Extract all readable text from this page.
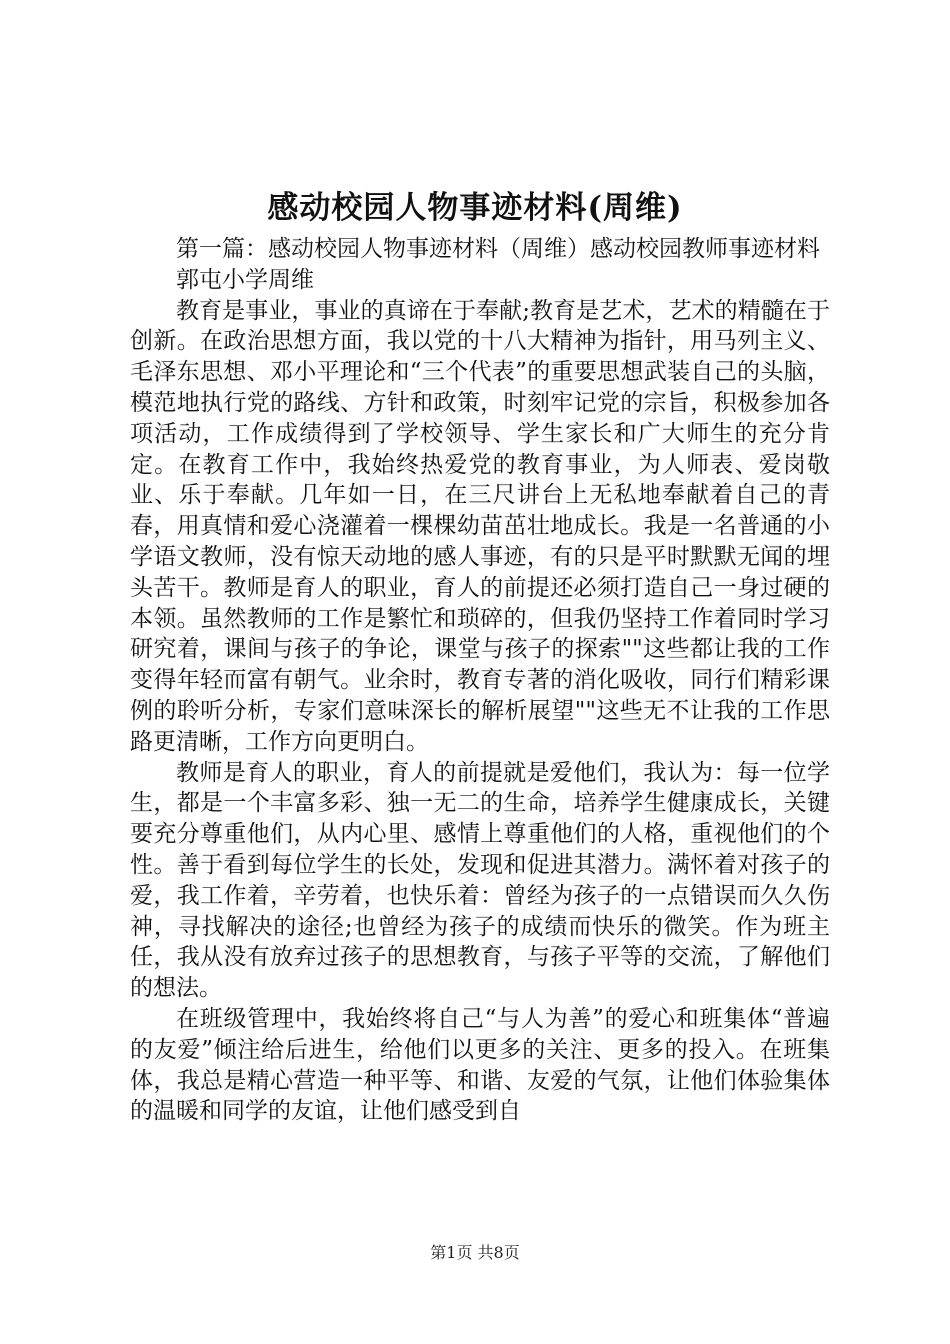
感动校园人物事迹材料(周维)

第一篇：感动校园人物事迹材料（周维）感动校园教师事迹材料

郭屯小学周维

教育是事业，事业的真谛在于奉献;教育是艺术，艺术的精髓在于创新。在政治思想方面，我以党的十八大精神为指针，用马列主义、毛泽东思想、邓小平理论和“三个代表”的重要思想武装自己的头脑，模范地执行党的路线、方针和政策，时刻牢记党的宗旨，积极参加各项活动，工作成绩得到了学校领导、学生家长和广大师生的充分肯定。在教育工作中，我始终热爱党的教育事业，为人师表、爱岗敬业、乐于奉献。几年如一日，在三尺讲台上无私地奉献着自己的青春，用真情和爱心浇灌着一棵棵幼苗茁壮地成长。我是一名普通的小学语文教师，没有惊天动地的感人事迹，有的只是平时默默无闻的埋头苦干。教师是育人的职业，育人的前提还必须打造自己一身过硬的本领。虽然教师的工作是繁忙和琐碎的，但我仍坚持工作着同时学习研究着，课间与孩子的争论，课堂与孩子的探索""这些都让我的工作变得年轻而富有朝气。业余时，教育专著的消化吸收，同行们精彩课例的聆听分析，专家们意味深长的解析展望""这些无不让我的工作思路更清晰，工作方向更明白。

教师是育人的职业，育人的前提就是爱他们，我认为：每一位学生，都是一个丰富多彩、独一无二的生命，培养学生健康成长，关键要充分尊重他们，从内心里、感情上尊重他们的人格，重视他们的个性。善于看到每位学生的长处，发现和促进其潜力。满怀着对孩子的爱，我工作着，辛劳着，也快乐着：曾经为孩子的一点错误而久久伤神，寻找解决的途径;也曾经为孩子的成绩而快乐的微笑。作为班主任，我从没有放弃过孩子的思想教育，与孩子平等的交流，了解他们的想法。

在班级管理中，我始终将自己“与人为善”的爱心和班集体“普遍的友爱”倾注给后进生，给他们以更多的关注、更多的投入。在班集体，我总是精心营造一种平等、和谐、友爱的气氛，让他们体验集体的温暖和同学的友谊，让他们感受到自

第1页 共8页
